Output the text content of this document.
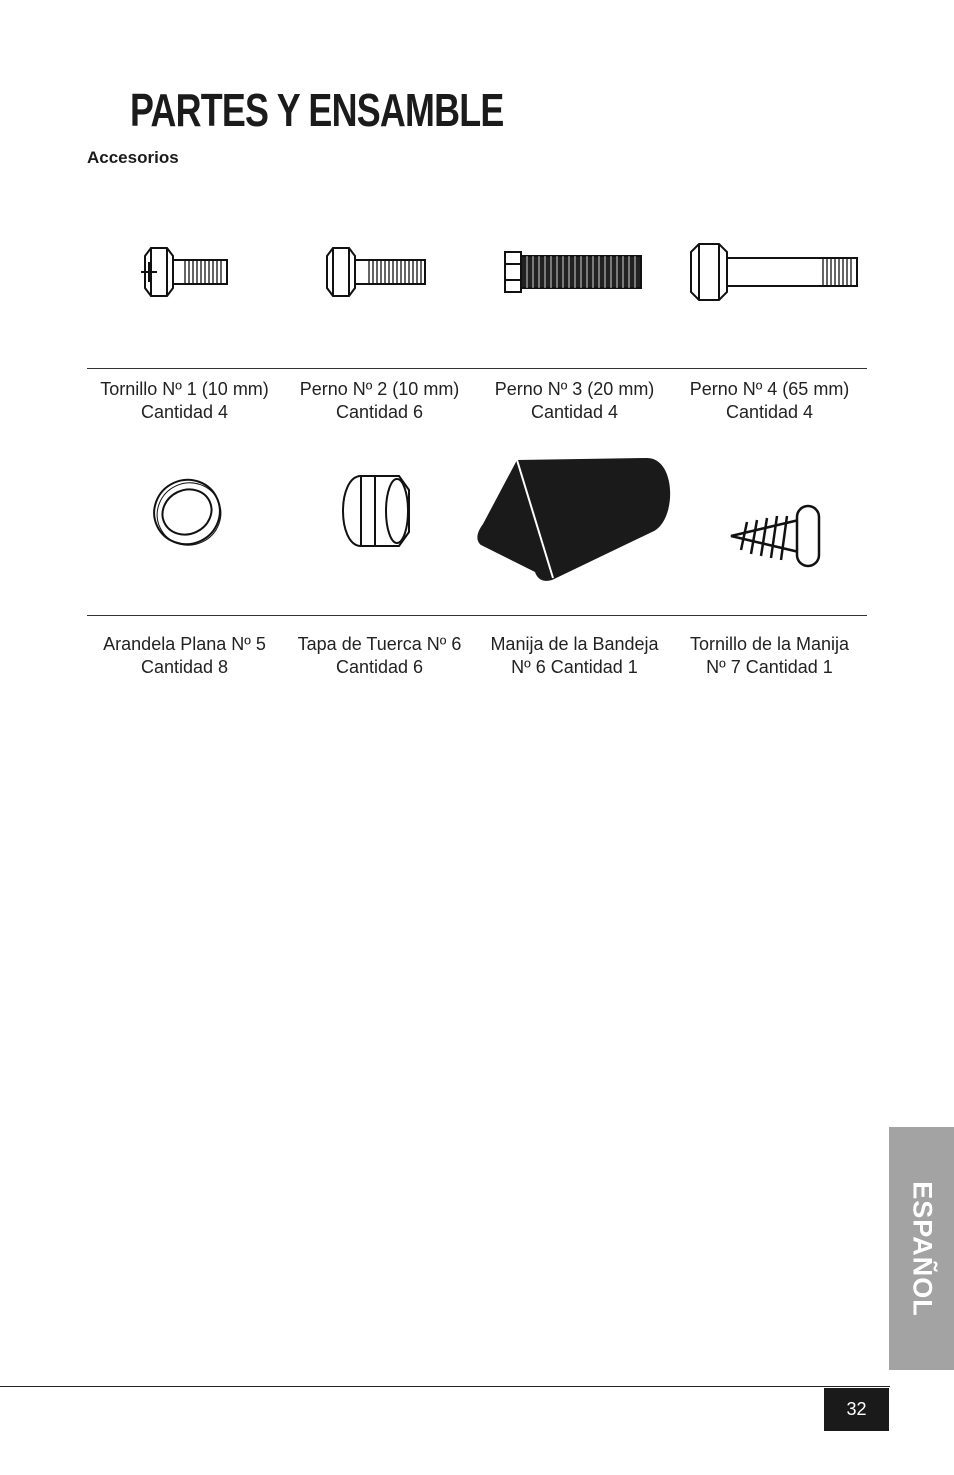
PARTES Y ENSAMBLE
Accesorios
Tornillo Nº 1 (10 mm)
Cantidad 4
Perno Nº 2 (10 mm)
Cantidad 6
Perno Nº 3 (20 mm)
Cantidad 4
Perno Nº 4 (65 mm)
Cantidad 4
Arandela Plana Nº 5
Cantidad 8
Tapa de Tuerca Nº 6
Cantidad 6
Manija de la Bandeja
Nº 6 Cantidad 1
Tornillo de la Manija
Nº 7 Cantidad 1
ESPAÑOL
32
